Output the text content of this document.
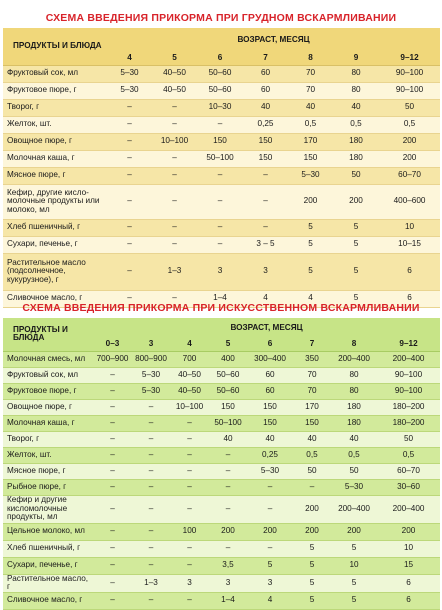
СХЕМА ВВЕДЕНИЯ ПРИКОРМА ПРИ ГРУДНОМ ВСКАРМЛИВАНИИ
ПРОДУКТЫ И БЛЮДА	ВОЗРАСТ, МЕСЯЦ						
	4	5	6	7	8	9	9–12
Фруктовый сок, мл	5–30	40–50	50–60	60	70	80	90–100
Фруктовое пюре, г	5–30	40–50	50–60	60	70	80	90–100
Творог, г	–	–	10–30	40	40	40	50
Желток, шт.	–	–	–	0,25	0,5	0,5	0,5
Овощное пюре, г	–	10–100	150	150	170	180	200
Молочная каша, г	–	–	50–100	150	150	180	200
Мясное пюре, г	–	–	–	–	5–30	50	60–70
Кефир, другие кисло-молочные продукты или молоко, мл	–	–	–	–	200	200	400–600
Хлеб пшеничный, г	–	–	–	–	5	5	10
Сухари, печенье, г	–	–	–	3 – 5	5	5	10–15
Растительное масло (подсолнечное, кукурузное), г	–	1–3	3	3	5	5	6
Сливочное масло, г	–	–	1–4	4	4	5	6
СХЕМА ВВЕДЕНИЯ ПРИКОРМА ПРИ ИСКУССТВЕННОМ ВСКАРМЛИВАНИИ
ПРОДУКТЫ И БЛЮДА	ВОЗРАСТ, МЕСЯЦ							
	0–3	3	4	5	6	7	8	9–12
Молочная смесь, мл	700–900	800–900	700	400	300–400	350	200–400	200–400
Фруктовый сок, мл	–	5–30	40–50	50–60	60	70	80	90–100
Фруктовое пюре, г	–	5–30	40–50	50–60	60	70	80	90–100
Овощное пюре, г	–	–	10–100	150	150	170	180	180–200
Молочная каша, г	–	–	–	50–100	150	150	180	180–200
Творог, г	–	–	–	40	40	40	40	50
Желток, шт.	–	–	–	–	0,25	0,5	0,5	0,5
Мясное пюре, г	–	–	–	–	5–30	50	50	60–70
Рыбное пюре, г	–	–	–	–	–	–	5–30	30–60
Кефир и другие кисломолочные продукты, мл	–	–	–	–	–	200	200–400	200–400
Цельное молоко, мл	–	–	100	200	200	200	200	200
Хлеб пшеничный, г	–	–	–	–	–	5	5	10
Сухари, печенье, г	–	–	–	3,5	5	5	10	15
Растительное масло, г	–	1–3	3	3	3	5	5	6
Сливочное масло, г	–	–	–	1–4	4	5	5	6
